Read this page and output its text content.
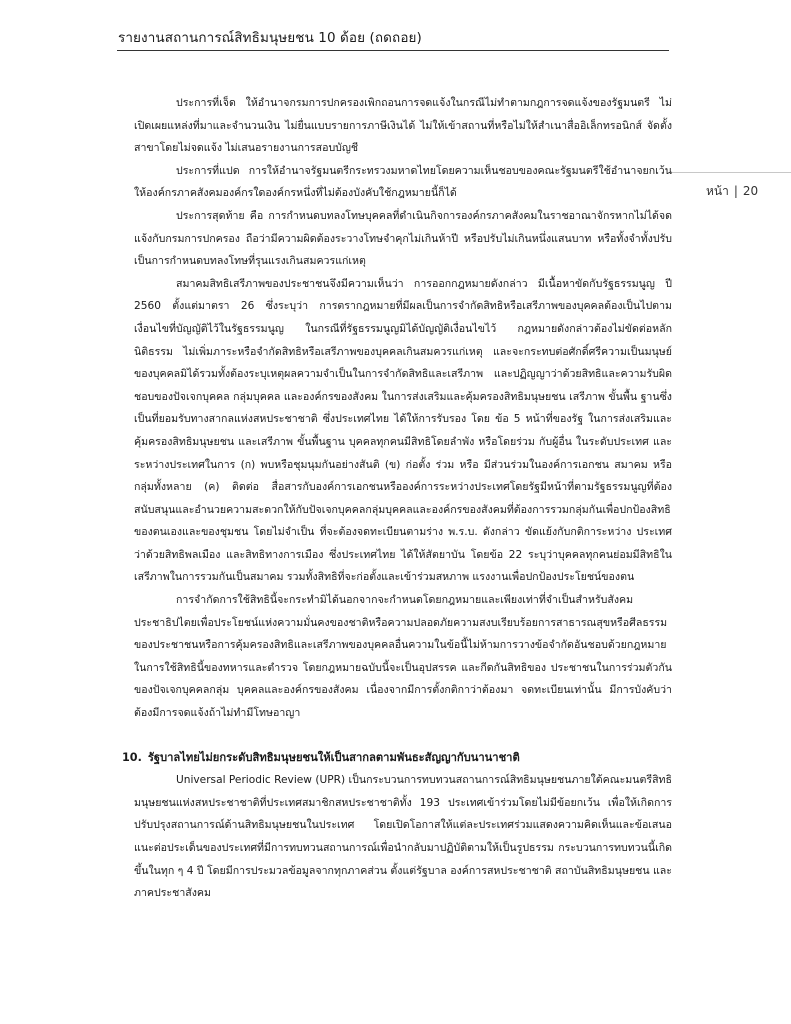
รายงานสถานการณ์สิทธิมนุษยชน 10 ด้อย (ถดถอย)
หน้า | 20

ประการที่เจ็ด ให้อำนาจกรมการปกครองเพิกถอนการจดแจ้งในกรณีไม่ทำตามกฎการจดแจ้งของรัฐมนตรี ไม่เปิดเผยแหล่งที่มาและจำนวนเงิน ไม่ยื่นแบบรายการภาษีเงินได้ ไม่ให้เข้าสถานที่หรือไม่ให้สำเนาสื่ออิเล็กทรอนิกส์ จัดตั้งสาขาโดยไม่จดแจ้ง ไม่เสนอรายงานการสอบบัญชี

ประการที่แปด การให้อำนาจรัฐมนตรีกระทรวงมหาดไทยโดยความเห็นชอบของคณะรัฐมนตรีใช้อำนาจยกเว้นให้องค์กรภาคสังคมองค์กรใดองค์กรหนึ่งที่ไม่ต้องบังคับใช้กฎหมายนี้ก็ได้

ประการสุดท้าย คือ การกำหนดบทลงโทษบุคคลที่ดำเนินกิจการองค์กรภาคสังคมในราชอาณาจักรหากไม่ได้จดแจ้งกับกรมการปกครอง ถือว่ามีความผิดต้องระวางโทษจำคุกไม่เกินห้าปี หรือปรับไม่เกินหนึ่งแสนบาท หรือทั้งจำทั้งปรับ เป็นการกำหนดบทลงโทษที่รุนแรงเกินสมควรแก่เหตุ

สมาคมสิทธิเสรีภาพของประชาชนจึงมีความเห็นว่า การออกกฎหมายดังกล่าว มีเนื้อหาขัดกับรัฐธรรมนูญ ปี 2560 ตั้งแต่มาตรา 26 ซึ่งระบุว่า การตรากฎหมายที่มีผลเป็นการจำกัดสิทธิหรือเสรีภาพของบุคคลต้องเป็นไปตามเงื่อนไขที่บัญญัติไว้ในรัฐธรรมนูญ ในกรณีที่รัฐธรรมนูญมิได้บัญญัติเงื่อนไขไว้ กฎหมายดังกล่าวต้องไม่ขัดต่อหลักนิติธรรม ไม่เพิ่มภาระหรือจำกัดสิทธิหรือเสรีภาพของบุคคลเกินสมควรแก่เหตุ และจะกระทบต่อศักดิ์ศรีความเป็นมนุษย์ของบุคคลมิได้รวมทั้งต้องระบุเหตุผลความจำเป็นในการจำกัดสิทธิและเสรีภาพ และปฏิญญาว่าด้วยสิทธิและความรับผิดชอบของปัจเจกบุคคล กลุ่มบุคคล และองค์กรของสังคม ในการส่งเสริมและคุ้มครองสิทธิมนุษยชน เสรีภาพ ขั้นพื้น ฐานซึ่งเป็นที่ยอมรับทางสากลแห่งสหประชาชาติ ซึ่งประเทศไทย ได้ให้การรับรอง โดย ข้อ 5 หน้าที่ของรัฐ ในการส่งเสริมและคุ้มครองสิทธิมนุษยชน และเสรีภาพ ขั้นพื้นฐาน บุคคลทุกคนมีสิทธิโดยลำพัง หรือโดยร่วม กับผู้อื่น ในระดับประเทศ และระหว่างประเทศในการ (ก) พบหรือชุมนุมกันอย่างสันติ (ข) ก่อตั้ง ร่วม หรือ มีส่วนร่วมในองค์การเอกชน สมาคม หรือกลุ่มทั้งหลาย (ค) ติดต่อ สื่อสารกับองค์การเอกชนหรือองค์การระหว่างประเทศโดยรัฐมีหน้าที่ตามรัฐธรรมนูญที่ต้องสนับสนุนและอำนวยความสะดวกให้กับปัจเจกบุคคลกลุ่มบุคคลและองค์กรของสังคมที่ต้องการรวมกลุ่มกันเพื่อปกป้องสิทธิของตนเองและของชุมชน โดยไม่จำเป็น ที่จะต้องจดทะเบียนตามร่าง พ.ร.บ. ดังกล่าว ขัดแย้งกับกติการะหว่าง ประเทศว่าด้วยสิทธิพลเมือง และสิทธิทางการเมือง ซึ่งประเทศไทย ได้ให้สัตยาบัน โดยข้อ 22 ระบุว่าบุคคลทุกคนย่อมมีสิทธิในเสรีภาพในการรวมกันเป็นสมาคม รวมทั้งสิทธิที่จะก่อตั้งและเข้าร่วมสหภาพ แรงงานเพื่อปกป้องประโยชน์ของตน

การจำกัดการใช้สิทธินี้จะกระทำมิได้นอกจากจะกำหนดโดยกฎหมายและเพียงเท่าที่จำเป็นสำหรับสังคม ประชาธิปไตยเพื่อประโยชน์แห่งความมั่นคงของชาติหรือความปลอดภัยความสงบเรียบร้อยการสาธารณสุขหรือศีลธรรมของประชาชนหรือการคุ้มครองสิทธิและเสรีภาพของบุคคลอื่นความในข้อนี้ไม่ห้ามการวางข้อจำกัดอันชอบด้วยกฎหมายในการใช้สิทธินี้ของทหารและตำรวจ โดยกฎหมายฉบับนี้จะเป็นอุปสรรค และกีดกันสิทธิของ ประชาชนในการร่วมตัวกันของปัจเจกบุคคลกลุ่ม บุคคลและองค์กรของสังคม เนื่องจากมีการตั้งกติกาว่าต้องมา จดทะเบียนเท่านั้น มีการบังคับว่าต้องมีการจดแจ้งถ้าไม่ทำมีโทษอาญา

10. รัฐบาลไทยไม่ยกระดับสิทธิมนุษยชนให้เป็นสากลตามพันธะสัญญากับนานาชาติ

Universal Periodic Review (UPR) เป็นกระบวนการทบทวนสถานการณ์สิทธิมนุษยชนภายใต้คณะมนตรีสิทธิมนุษยชนแห่งสหประชาชาติที่ประเทศสมาชิกสหประชาชาติทั้ง 193 ประเทศเข้าร่วมโดยไม่มีข้อยกเว้น เพื่อให้เกิดการปรับปรุงสถานการณ์ด้านสิทธิมนุษยชนในประเทศ โดยเปิดโอกาสให้แต่ละประเทศร่วมแสดงความคิดเห็นและข้อเสนอแนะต่อประเด็นของประเทศที่มีการทบทวนสถานการณ์เพื่อนำกลับมาปฏิบัติตามให้เป็นรูปธรรม กระบวนการทบทวนนี้เกิดขึ้นในทุก ๆ 4 ปี โดยมีการประมวลข้อมูลจากทุกภาคส่วน ตั้งแต่รัฐบาล องค์การสหประชาชาติ สถาบันสิทธิมนุษยชน และภาคประชาสังคม
